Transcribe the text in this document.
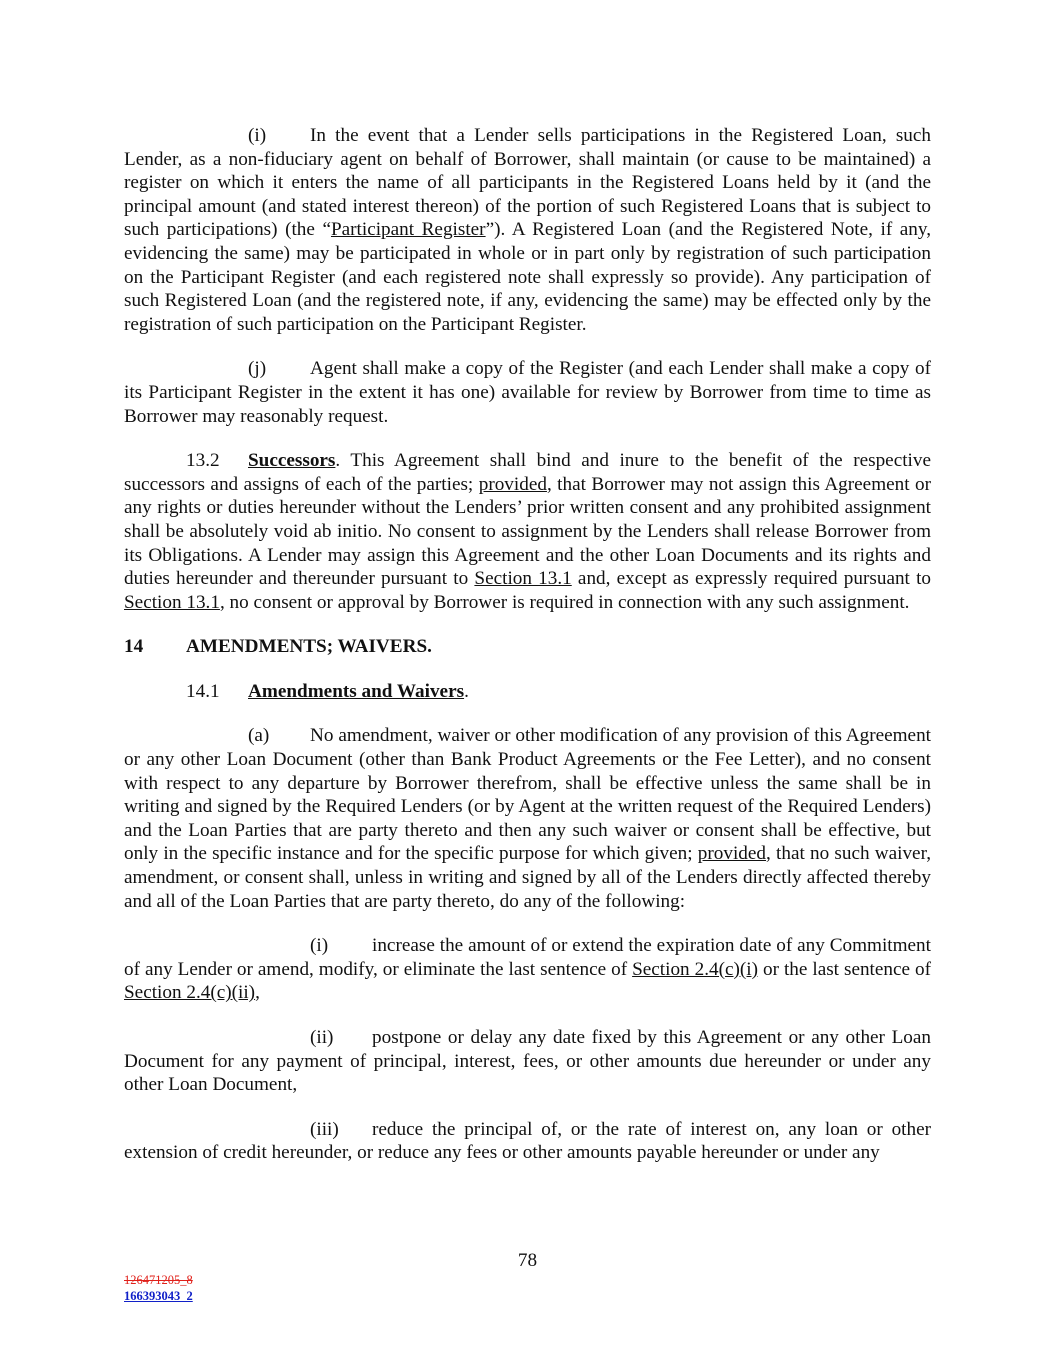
(i) In the event that a Lender sells participations in the Registered Loan, such Lender, as a non-fiduciary agent on behalf of Borrower, shall maintain (or cause to be maintained) a register on which it enters the name of all participants in the Registered Loans held by it (and the principal amount (and stated interest thereon) of the portion of such Registered Loans that is subject to such participations) (the “Participant Register”). A Registered Loan (and the Registered Note, if any, evidencing the same) may be participated in whole or in part only by registration of such participation on the Participant Register (and each registered note shall expressly so provide). Any participation of such Registered Loan (and the registered note, if any, evidencing the same) may be effected only by the registration of such participation on the Participant Register.

(j) Agent shall make a copy of the Register (and each Lender shall make a copy of its Participant Register in the extent it has one) available for review by Borrower from time to time as Borrower may reasonably request.

13.2 Successors. This Agreement shall bind and inure to the benefit of the respective successors and assigns of each of the parties; provided, that Borrower may not assign this Agreement or any rights or duties hereunder without the Lenders’ prior written consent and any prohibited assignment shall be absolutely void ab initio. No consent to assignment by the Lenders shall release Borrower from its Obligations. A Lender may assign this Agreement and the other Loan Documents and its rights and duties hereunder and thereunder pursuant to Section 13.1 and, except as expressly required pursuant to Section 13.1, no consent or approval by Borrower is required in connection with any such assignment.

14 AMENDMENTS; WAIVERS.
14.1 Amendments and Waivers.

(a) No amendment, waiver or other modification of any provision of this Agreement or any other Loan Document (other than Bank Product Agreements or the Fee Letter), and no consent with respect to any departure by Borrower therefrom, shall be effective unless the same shall be in writing and signed by the Required Lenders (or by Agent at the written request of the Required Lenders) and the Loan Parties that are party thereto and then any such waiver or consent shall be effective, but only in the specific instance and for the specific purpose for which given; provided, that no such waiver, amendment, or consent shall, unless in writing and signed by all of the Lenders directly affected thereby and all of the Loan Parties that are party thereto, do any of the following:

(i) increase the amount of or extend the expiration date of any Commitment of any Lender or amend, modify, or eliminate the last sentence of Section 2.4(c)(i) or the last sentence of Section 2.4(c)(ii),

(ii) postpone or delay any date fixed by this Agreement or any other Loan Document for any payment of principal, interest, fees, or other amounts due hereunder or under any other Loan Document,

(iii) reduce the principal of, or the rate of interest on, any loan or other extension of credit hereunder, or reduce any fees or other amounts payable hereunder or under any

78
126471205_8
166393043_2
